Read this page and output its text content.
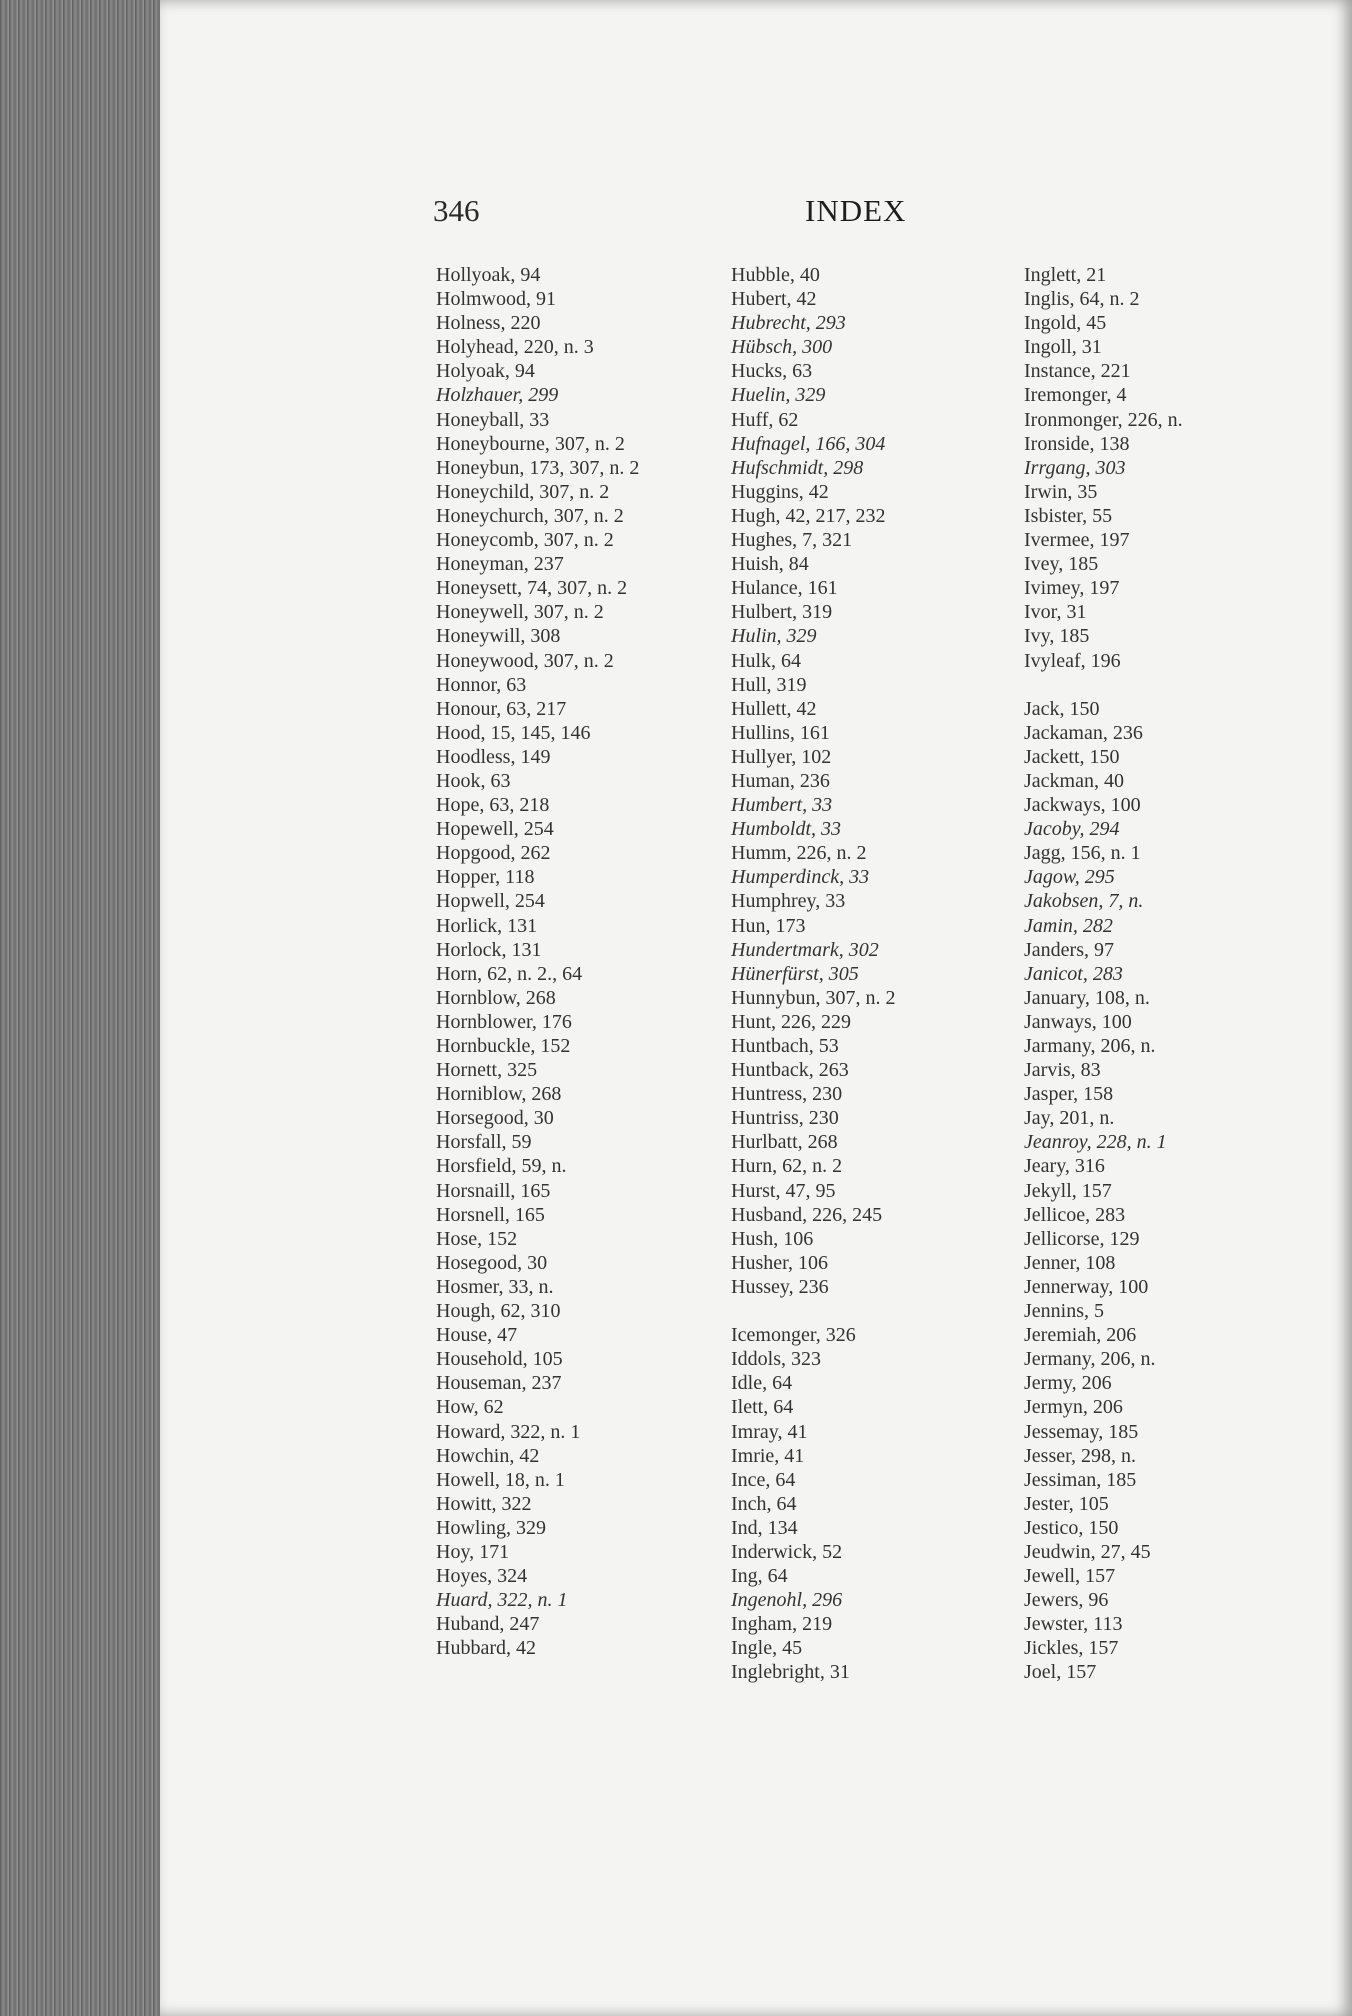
346	INDEX
Hollyoak, 94
Holmwood, 91
Holness, 220
Holyhead, 220, n. 3
Holyoak, 94
Holzhauer, 299
Honeyball, 33
Honeybourne, 307, n. 2
Honeybun, 173, 307, n. 2
Honeychild, 307, n. 2
Honeychurch, 307, n. 2
Honeycomb, 307, n. 2
Honeyman, 237
Honeysett, 74, 307, n. 2
Honeywell, 307, n. 2
Honeywill, 308
Honeywood, 307, n. 2
Honnor, 63
Honour, 63, 217
Hood, 15, 145, 146
Hoodless, 149
Hook, 63
Hope, 63, 218
Hopewell, 254
Hopgood, 262
Hopper, 118
Hopwell, 254
Horlick, 131
Horlock, 131
Horn, 62, n. 2., 64
Hornblow, 268
Hornblower, 176
Hornbuckle, 152
Hornett, 325
Horniblow, 268
Horsegood, 30
Horsfall, 59
Horsfield, 59, n.
Horsnaill, 165
Horsnell, 165
Hose, 152
Hosegood, 30
Hosmer, 33, n.
Hough, 62, 310
House, 47
Household, 105
Houseman, 237
How, 62
Howard, 322, n. 1
Howchin, 42
Howell, 18, n. 1
Howitt, 322
Howling, 329
Hoy, 171
Hoyes, 324
Huard, 322, n. 1
Huband, 247
Hubbard, 42
Hubble, 40
Hubert, 42
Hubrecht, 293
Hübsch, 300
Hucks, 63
Huelin, 329
Huff, 62
Hufnagel, 166, 304
Hufschmidt, 298
Huggins, 42
Hugh, 42, 217, 232
Hughes, 7, 321
Huish, 84
Hulance, 161
Hulbert, 319
Hulin, 329
Hulk, 64
Hull, 319
Hullett, 42
Hullins, 161
Hullyer, 102
Human, 236
Humbert, 33
Humboldt, 33
Humm, 226, n. 2
Humperdinck, 33
Humphrey, 33
Hun, 173
Hundertmark, 302
Hünerfürst, 305
Hunnybun, 307, n. 2
Hunt, 226, 229
Huntbach, 53
Huntback, 263
Huntress, 230
Huntriss, 230
Hurlbatt, 268
Hurn, 62, n. 2
Hurst, 47, 95
Husband, 226, 245
Hush, 106
Husher, 106
Hussey, 236
Icemonger, 326
Iddols, 323
Idle, 64
Ilett, 64
Imray, 41
Imrie, 41
Ince, 64
Inch, 64
Ind, 134
Inderwick, 52
Ing, 64
Ingenohl, 296
Ingham, 219
Ingle, 45
Inglebright, 31
Inglett, 21
Inglis, 64, n. 2
Ingold, 45
Ingoll, 31
Instance, 221
Iremonger, 4
Ironmonger, 226, n.
Ironside, 138
Irrgang, 303
Irwin, 35
Isbister, 55
Ivermee, 197
Ivey, 185
Ivimey, 197
Ivor, 31
Ivy, 185
Ivyleaf, 196
Jack, 150
Jackaman, 236
Jackett, 150
Jackman, 40
Jackways, 100
Jacoby, 294
Jagg, 156, n. 1
Jagow, 295
Jakobsen, 7, n.
Jamin, 282
Janders, 97
Janicot, 283
January, 108, n.
Janways, 100
Jarmany, 206, n.
Jarvis, 83
Jasper, 158
Jay, 201, n.
Jeanroy, 228, n. 1
Jeary, 316
Jekyll, 157
Jellicoe, 283
Jellicorse, 129
Jenner, 108
Jennerway, 100
Jennins, 5
Jeremiah, 206
Jermany, 206, n.
Jermy, 206
Jermyn, 206
Jessemay, 185
Jesser, 298, n.
Jessiman, 185
Jester, 105
Jestico, 150
Jeudwin, 27, 45
Jewell, 157
Jewers, 96
Jewster, 113
Jickles, 157
Joel, 157
